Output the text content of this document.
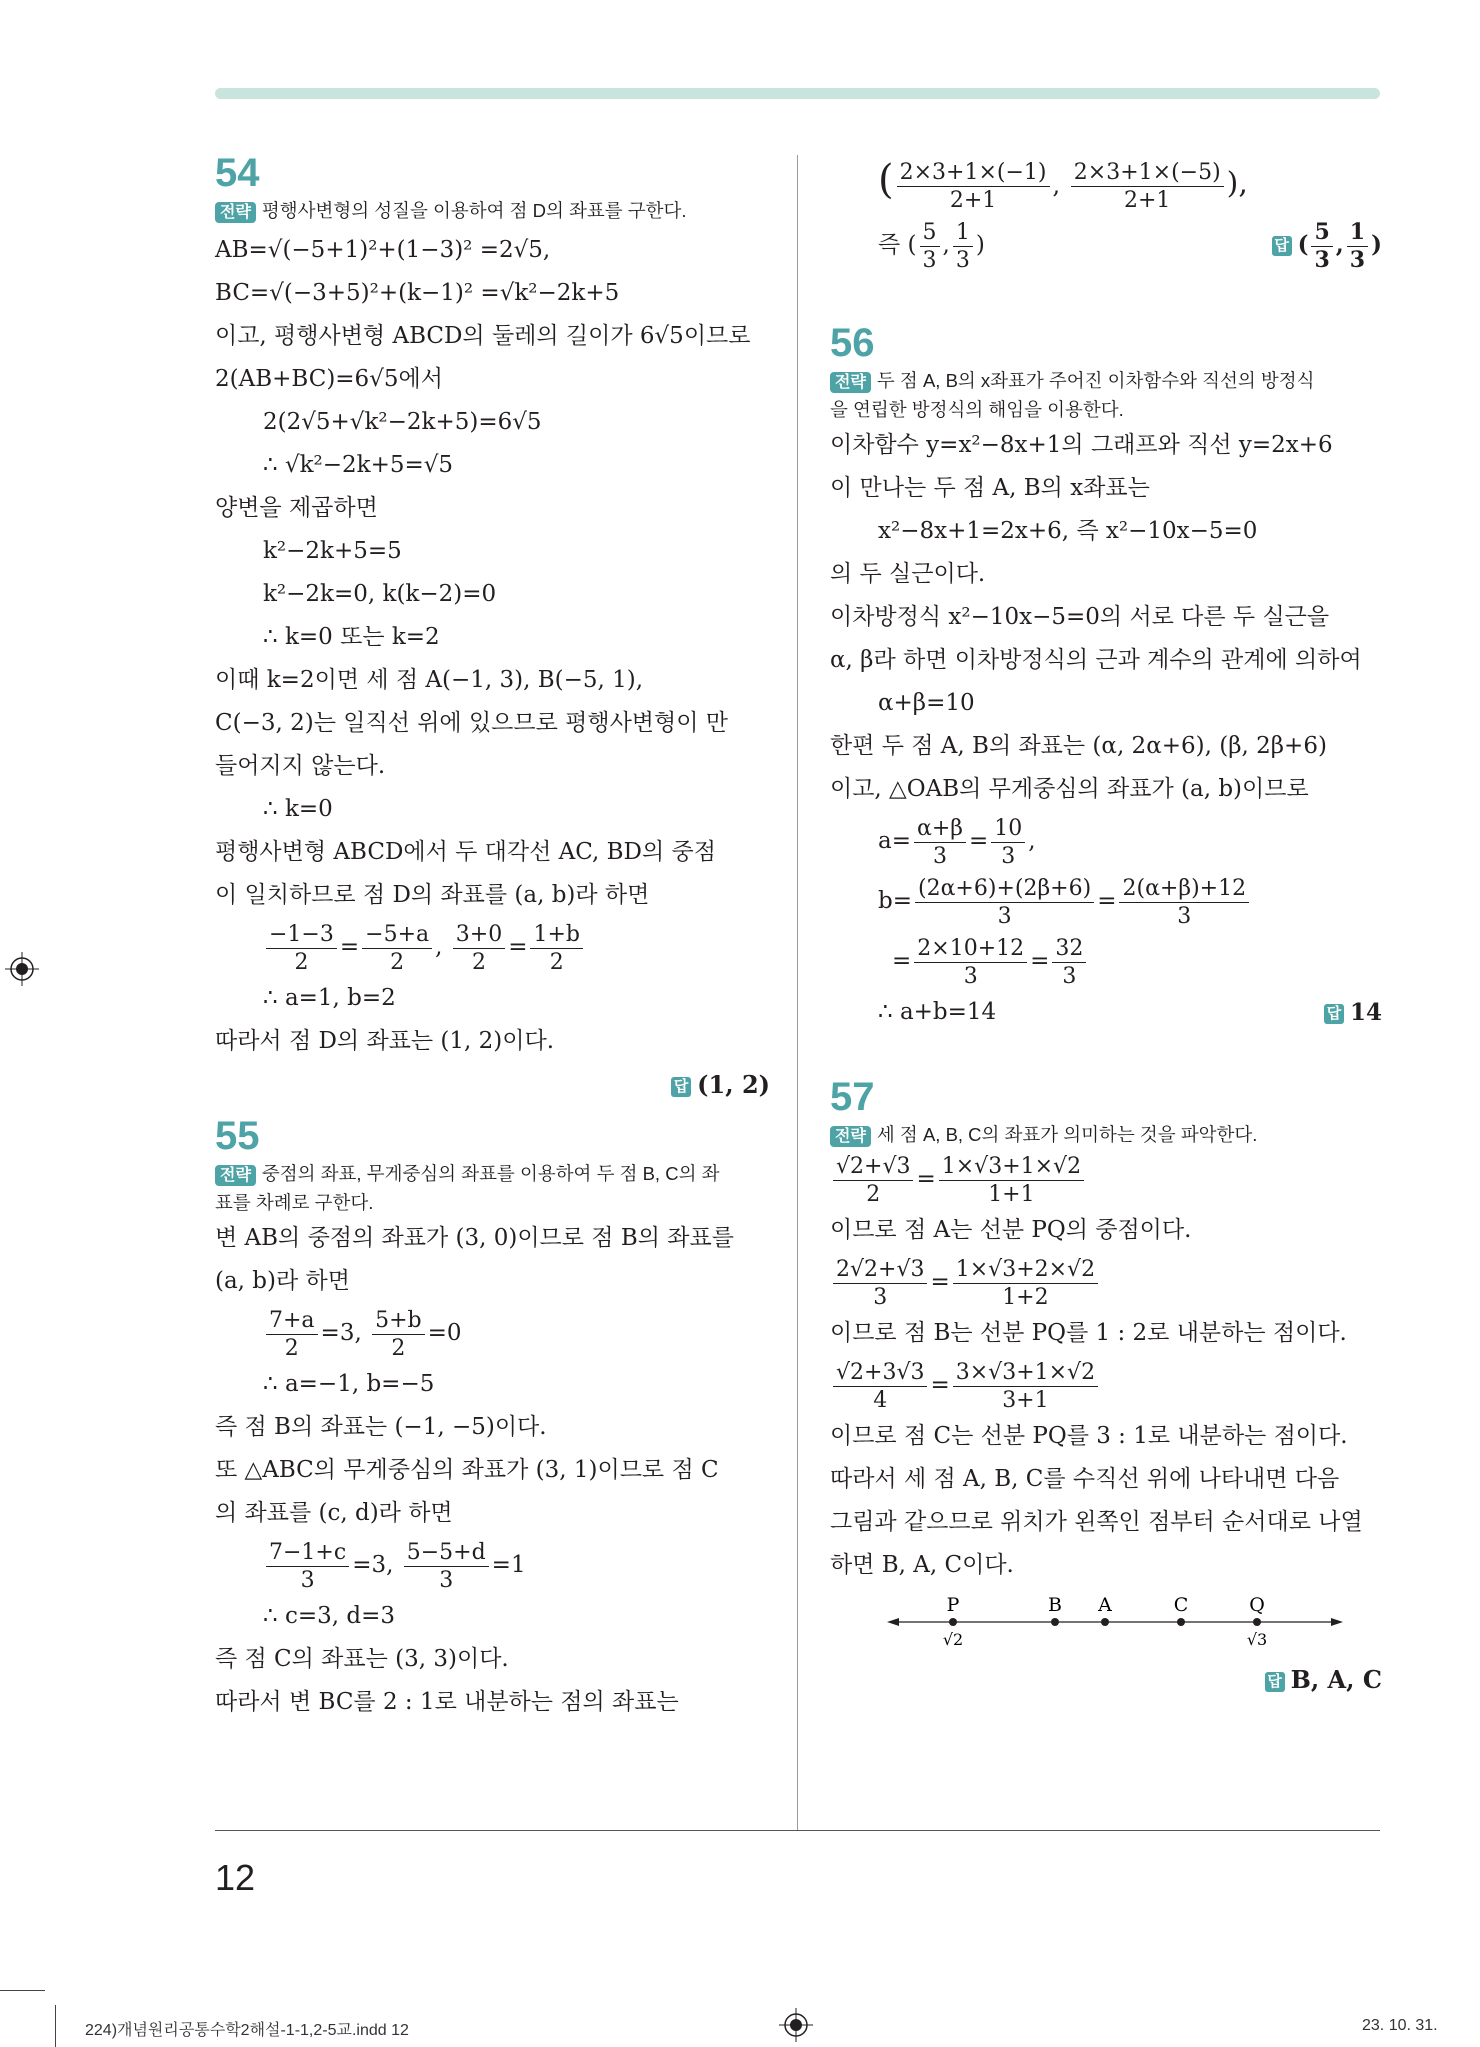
54
전략 평행사변형의 성질을 이용하여 점 D의 좌표를 구한다.
AB=√(−5+1)²+(1−3)² =2√5,
BC=√(−3+5)²+(k−1)² =√k²−2k+5
이고, 평행사변형 ABCD의 둘레의 길이가 6√5이므로
2(AB+BC)=6√5에서
2(2√5+√k²−2k+5)=6√5
∴ √k²−2k+5=√5
양변을 제곱하면
k²−2k+5=5
k²−2k=0, k(k−2)=0
∴ k=0 또는 k=2
이때 k=2이면 세 점 A(−1, 3), B(−5, 1),
C(−3, 2)는 일직선 위에 있으므로 평행사변형이 만
들어지지 않는다.
∴ k=0
평행사변형 ABCD에서 두 대각선 AC, BD의 중점
이 일치하므로 점 D의 좌표를 (a, b)라 하면
$\frac{-1-3}{2} = \frac{-5+a}{2}$ , $\frac{3+0}{2} = \frac{1+b}{2}$
∴ a=1, b=2
따라서 점 D의 좌표는 (1, 2)이다.
답 (1, 2)
55
전략 중점의 좌표, 무게중심의 좌표를 이용하여 두 점 B, C의 좌
표를 차례로 구한다.
변 AB의 중점의 좌표가 (3, 0)이므로 점 B의 좌표를
(a, b)라 하면
$\frac{7+a}{2} =3$, $\frac{5+b}{2} =0$
∴ a=−1, b=−5
즉 점 B의 좌표는 (−1, −5)이다.
또 △ABC의 무게중심의 좌표가 (3, 1)이므로 점 C
의 좌표를 (c, d)라 하면
$\frac{7-1+c}{3} =3$, $\frac{5-5+d}{3} =1$
∴ c=3, d=3
즉 점 C의 좌표는 (3, 3)이다.
따라서 변 BC를 2 : 1로 내분하는 점의 좌표는
( $\frac{2\times 3+1\times(-1)}{2+1}$ , $\frac{2\times 3+1\times(-5)}{2+1}$ ),
즉 ( $\frac{5}{3}$ , $\frac{1}{3}$ )	답 ( $\frac{5}{3}$ , $\frac{1}{3}$ )
56
전략 두 점 A, B의 x좌표가 주어진 이차함수와 직선의 방정식
을 연립한 방정식의 해임을 이용한다.
이차함수 y=x²−8x+1의 그래프와 직선 y=2x+6
이 만나는 두 점 A, B의 x좌표는
x²−8x+1=2x+6, 즉 x²−10x−5=0
의 두 실근이다.
이차방정식 x²−10x−5=0의 서로 다른 두 실근을
α, β라 하면 이차방정식의 근과 계수의 관계에 의하여
α+β=10
한편 두 점 A, B의 좌표는 (α, 2α+6), (β, 2β+6)
이고, △OAB의 무게중심의 좌표가 (a, b)이므로
$a= \frac{\alpha+\beta}{3} = \frac{10}{3}$ ,
$b= \frac{(2\alpha+6)+(2\beta+6)}{3} = \frac{2(\alpha+\beta)+12}{3}$
= $\frac{2\times 10+12}{3} = \frac{32}{3}$
∴ a+b=14	답 14
57
전략 세 점 A, B, C의 좌표가 의미하는 것을 파악한다.
$\frac{√2+√3}{2} = \frac{1\times√3+1\times√2}{1+1}$
이므로 점 A는 선분 PQ의 중점이다.
$\frac{2√2+√3}{3} = \frac{1\times√3+2\times√2}{1+2}$
이므로 점 B는 선분 PQ를 1 : 2로 내분하는 점이다.
$\frac{√2+3√3}{4} = \frac{3\times√3+1\times√2}{3+1}$
이므로 점 C는 선분 PQ를 3 : 1로 내분하는 점이다.
따라서 세 점 A, B, C를 수직선 위에 나타내면 다음
그림과 같으므로 위치가 왼쪽인 점부터 순서대로 나열
하면 B, A, C이다.
P	B A	C	Q
√2	√3
답 B, A, C
12
224)개념원리공통수학2해설-1-1,2-5교.indd 12	23. 10. 31.
